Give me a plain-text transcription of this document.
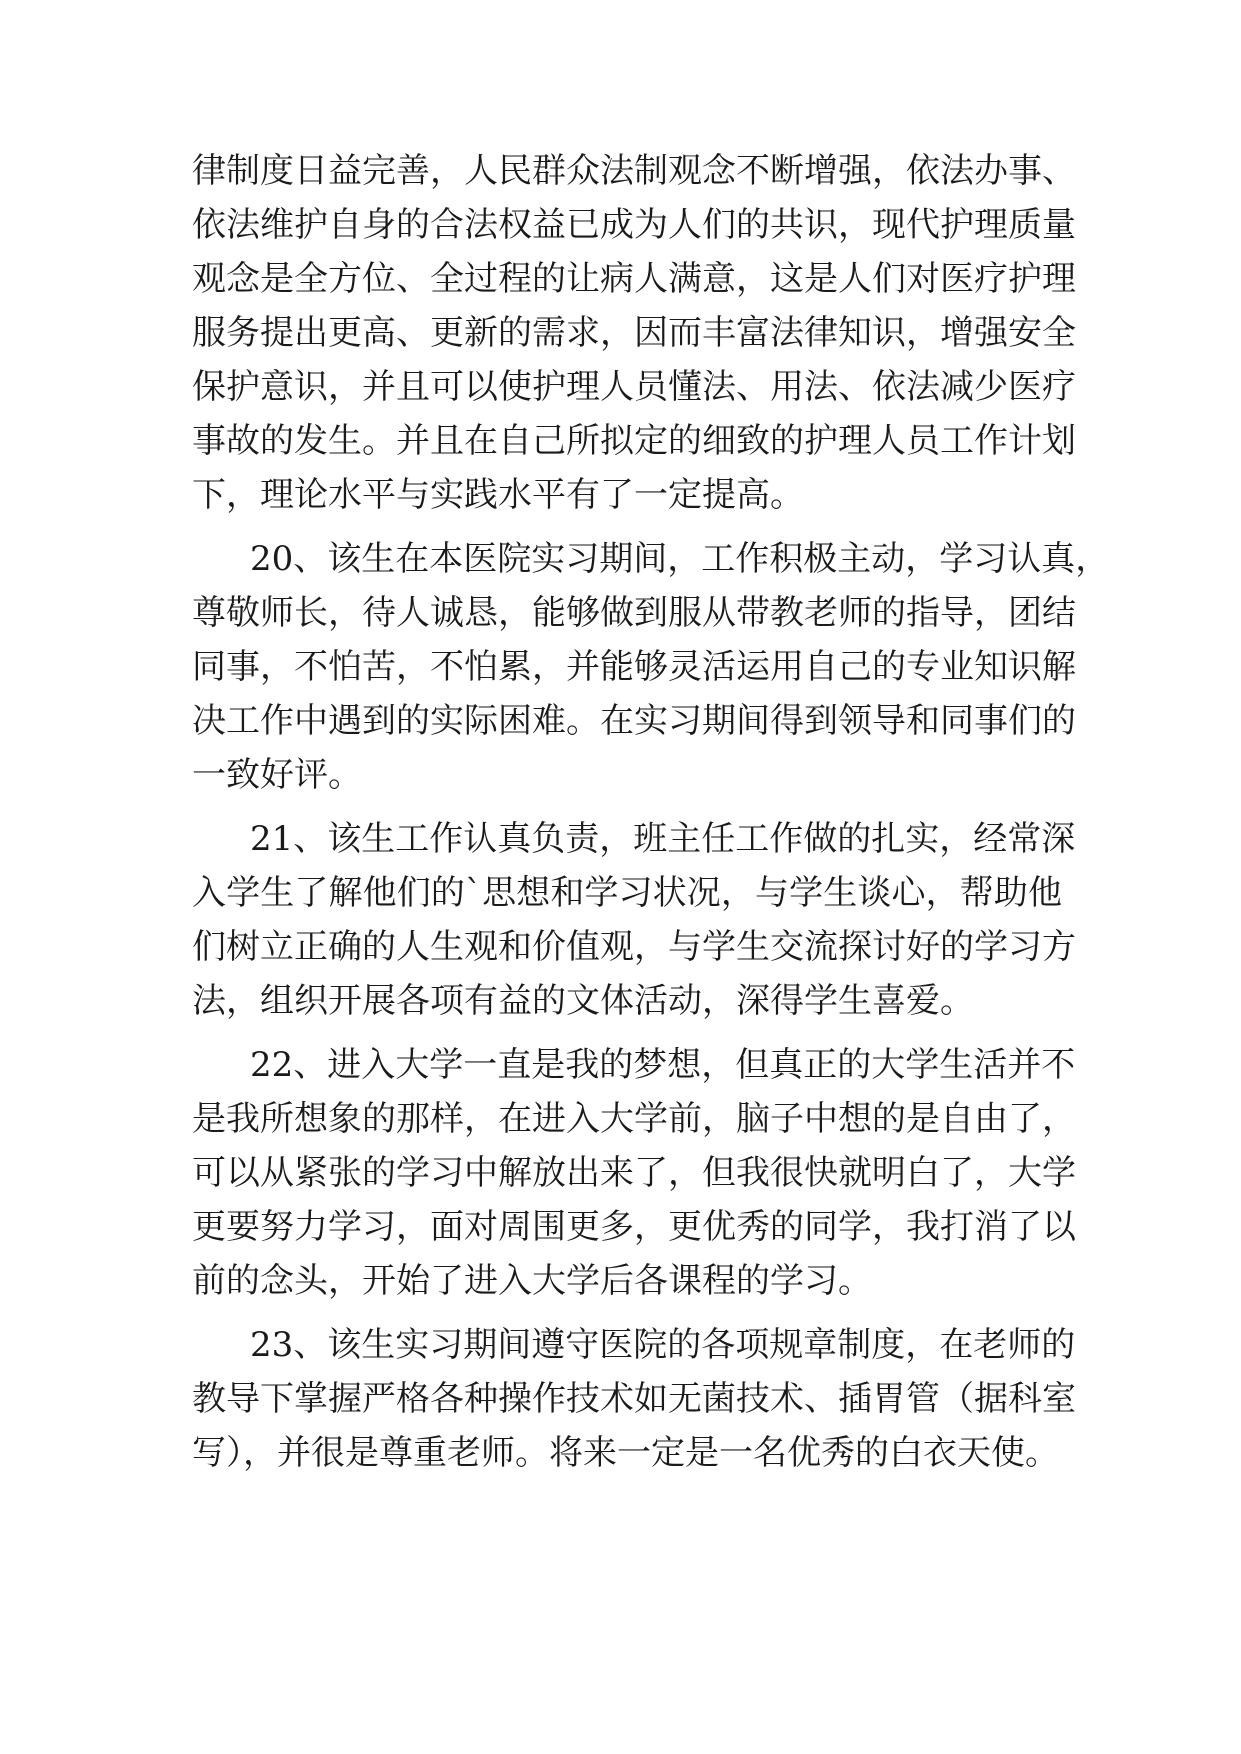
律制度日益完善，人民群众法制观念不断增强，依法办事、
依法维护自身的合法权益已成为人们的共识，现代护理质量
观念是全方位、全过程的让病人满意，这是人们对医疗护理
服务提出更高、更新的需求，因而丰富法律知识，增强安全
保护意识，并且可以使护理人员懂法、用法、依法减少医疗
事故的发生。并且在自己所拟定的细致的护理人员工作计划
下，理论水平与实践水平有了一定提高。
20、该生在本医院实习期间，工作积极主动，学习认真，
尊敬师长，待人诚恳，能够做到服从带教老师的指导，团结
同事，不怕苦，不怕累，并能够灵活运用自己的专业知识解
决工作中遇到的实际困难。在实习期间得到领导和同事们的
一致好评。
21、该生工作认真负责，班主任工作做的扎实，经常深
入学生了解他们的`思想和学习状况，与学生谈心，帮助他
们树立正确的人生观和价值观，与学生交流探讨好的学习方
法，组织开展各项有益的文体活动，深得学生喜爱。
22、进入大学一直是我的梦想，但真正的大学生活并不
是我所想象的那样，在进入大学前，脑子中想的是自由了，
可以从紧张的学习中解放出来了，但我很快就明白了，大学
更要努力学习，面对周围更多，更优秀的同学，我打消了以
前的念头，开始了进入大学后各课程的学习。
23、该生实习期间遵守医院的各项规章制度，在老师的
教导下掌握严格各种操作技术如无菌技术、插胃管（据科室
写），并很是尊重老师。将来一定是一名优秀的白衣天使。
